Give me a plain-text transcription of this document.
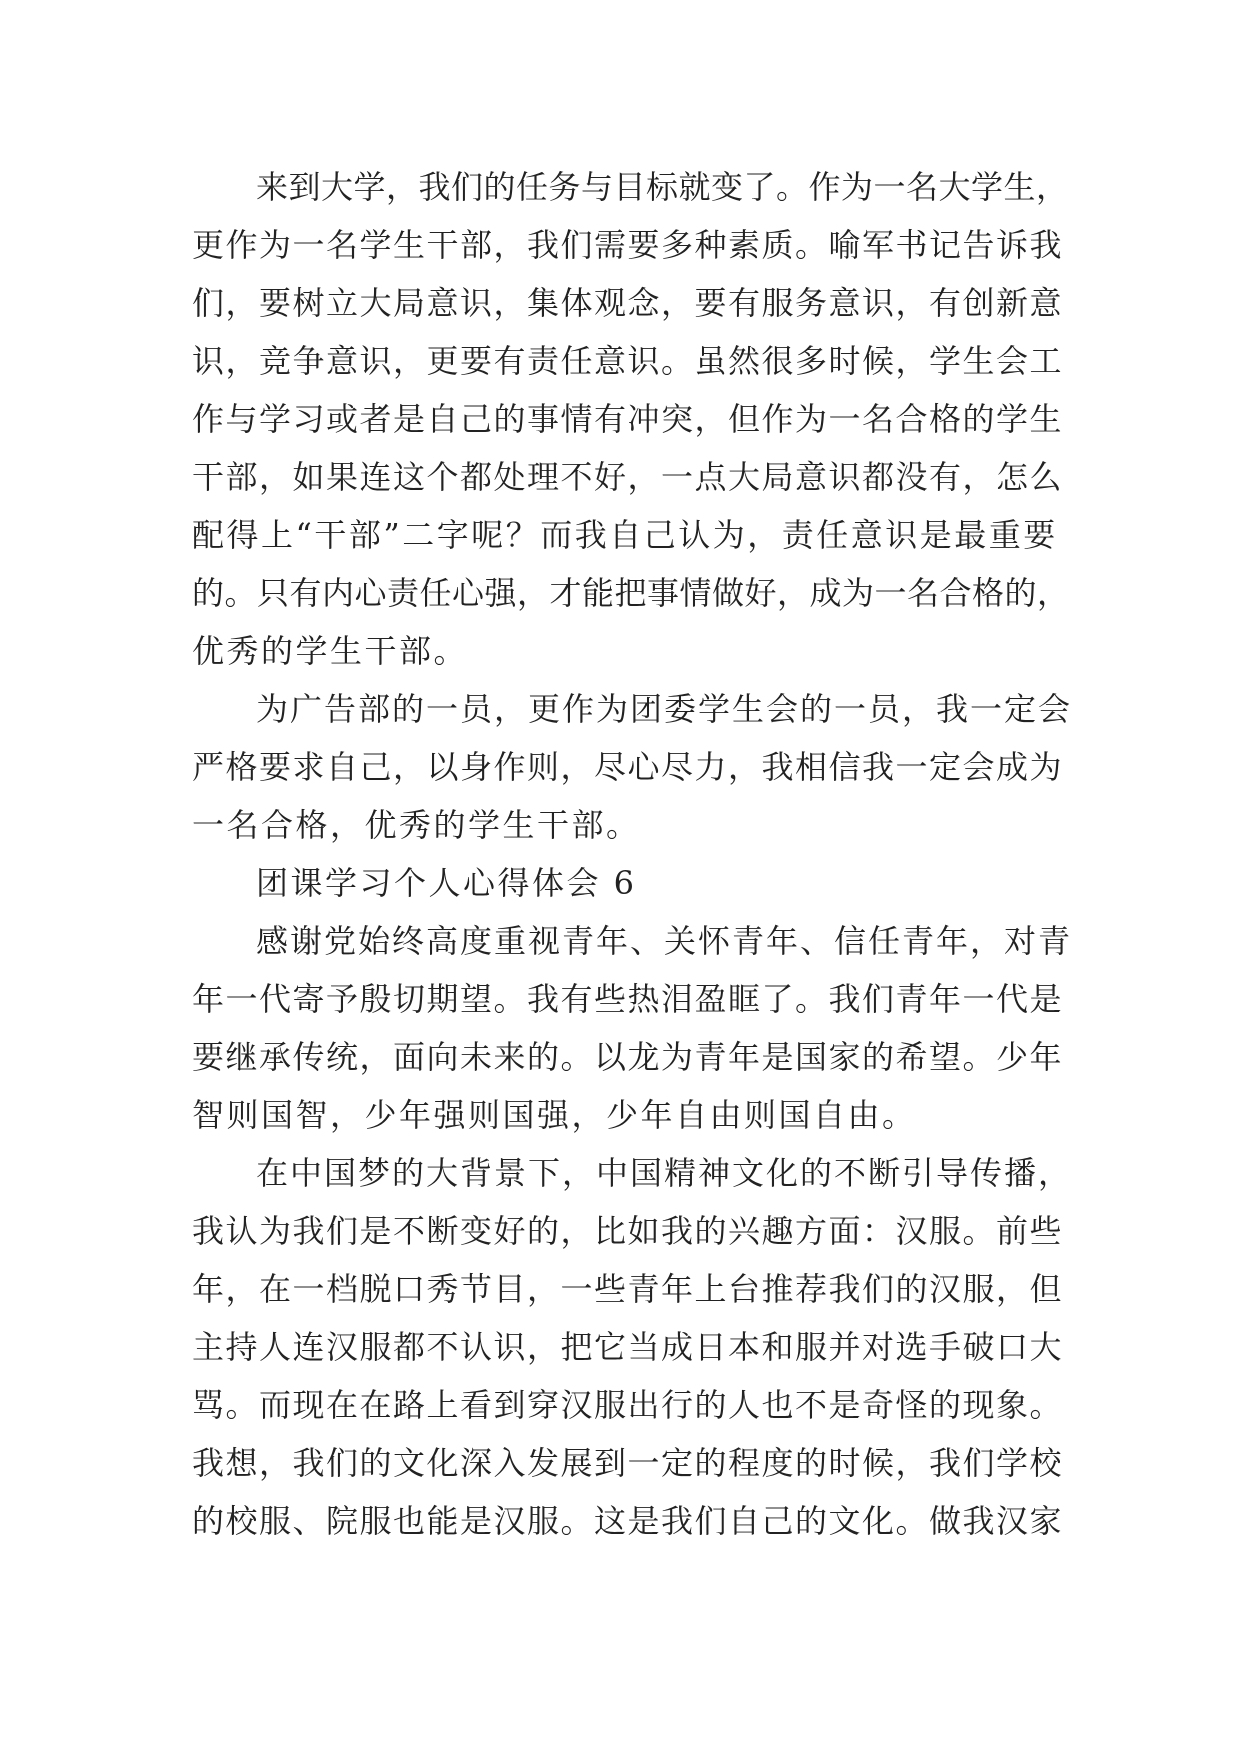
来到大学，我们的任务与目标就变了。作为一名大学生，
更作为一名学生干部，我们需要多种素质。喻军书记告诉我
们，要树立大局意识，集体观念，要有服务意识，有创新意
识，竞争意识，更要有责任意识。虽然很多时候，学生会工
作与学习或者是自己的事情有冲突，但作为一名合格的学生
干部，如果连这个都处理不好，一点大局意识都没有，怎么
配得上“干部”二字呢？而我自己认为，责任意识是最重要
的。只有内心责任心强，才能把事情做好，成为一名合格的，
优秀的学生干部。
为广告部的一员，更作为团委学生会的一员，我一定会
严格要求自己，以身作则，尽心尽力，我相信我一定会成为
一名合格，优秀的学生干部。
团课学习个人心得体会 6
感谢党始终高度重视青年、关怀青年、信任青年，对青
年一代寄予殷切期望。我有些热泪盈眶了。我们青年一代是
要继承传统，面向未来的。以龙为青年是国家的希望。少年
智则国智，少年强则国强，少年自由则国自由。
在中国梦的大背景下，中国精神文化的不断引导传播，
我认为我们是不断变好的，比如我的兴趣方面：汉服。前些
年，在一档脱口秀节目，一些青年上台推荐我们的汉服，但
主持人连汉服都不认识，把它当成日本和服并对选手破口大
骂。而现在在路上看到穿汉服出行的人也不是奇怪的现象。
我想，我们的文化深入发展到一定的程度的时候，我们学校
的校服、院服也能是汉服。这是我们自己的文化。做我汉家
